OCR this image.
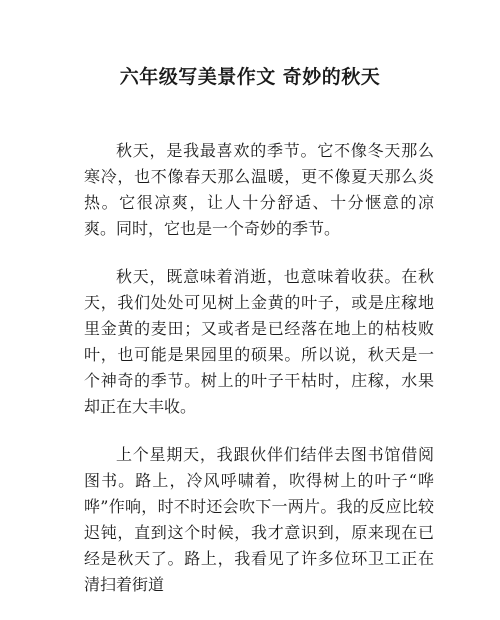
六年级写美景作文 奇妙的秋天

秋天，是我最喜欢的季节。它不像冬天那么寒冷，也不像春天那么温暖，更不像夏天那么炎热。它很凉爽，让人十分舒适、十分惬意的凉爽。同时，它也是一个奇妙的季节。

秋天，既意味着消逝，也意味着收获。在秋天，我们处处可见树上金黄的叶子，或是庄稼地里金黄的麦田；又或者是已经落在地上的枯枝败叶，也可能是果园里的硕果。所以说，秋天是一个神奇的季节。树上的叶子干枯时，庄稼，水果却正在大丰收。

上个星期天，我跟伙伴们结伴去图书馆借阅图书。路上，冷风呼啸着，吹得树上的叶子“哗哗”作响，时不时还会吹下一两片。我的反应比较迟钝，直到这个时候，我才意识到，原来现在已经是秋天了。路上，我看见了许多位环卫工正在清扫着街道
